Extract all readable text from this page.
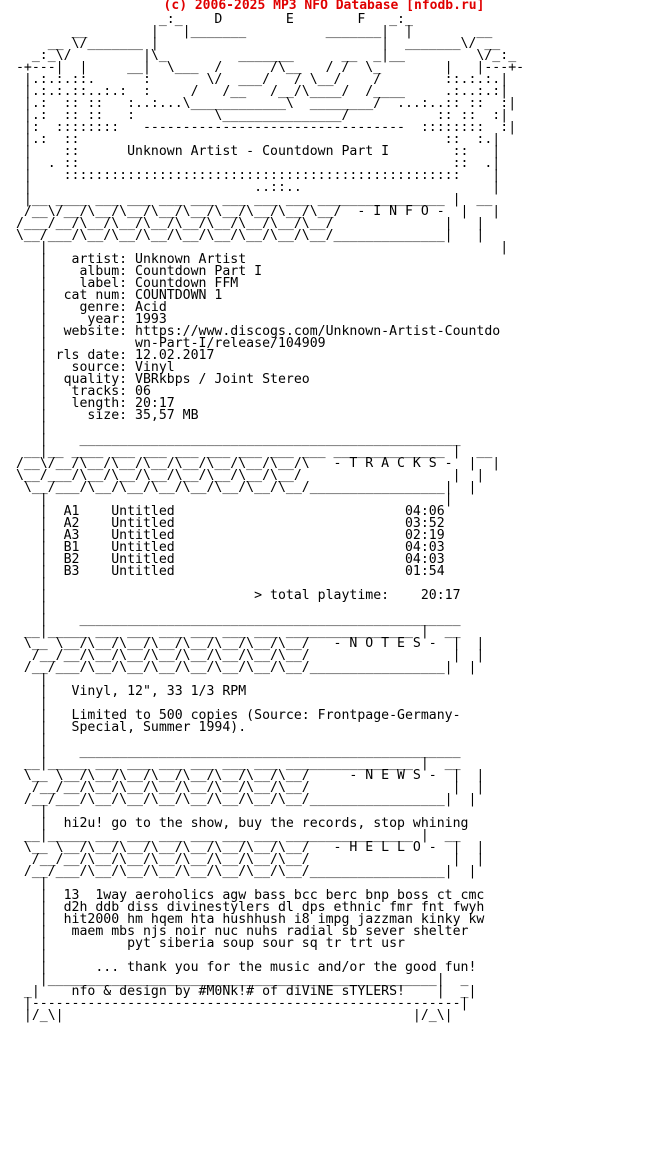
(c) 2006-2025 MP3 NFO Database [nfodb.ru]
_:_    D        E        F   _:_
__        |   |_______          _______|  |        __
__ \/_______ |                            |  _______\/ __
_:_\/         |\_         _______      __  _|__         \/_:_
-+---|  |     __|  \___  /      /\__   / /  \_        |   |---+-
|.:.:.::.      :       \/  ___/   / \__/    /        ::.:.:.|
|.:.:.::..:.:  :     /   /__   /__/\____/  /____     .:..:.:|
|.:  :: ::   :..:...\____________\  ________/  ...:..:: ::  :|
|.:  :: ::   :          \_______________/           :: ::  :|
|:  ::::::::   ---------------------------------  ::::::::  :|
|.:  ::                                              ::  :.|
|    ::      Unknown Artist - Countdown Part I        ::   |
|  . ::                                               ::  .|
|    ::::::::::::::::::::::::::::::::::::::::::::::::::    |
|                            ..::..                        |
|__ ____ ___ ___ ___ ___ ___ ___ ___ ________________ |  __
/__\/__/\__/\__/\__/\__/\__/\__/\__/\__/  - I N F O -  |   |
/___/__/\__/\__/\__/\__/\__/\__/\__/\__/              |   |
\__/___/\__/\__/\__/\__/\__/\__/\__/\__/______________|   |
|                                                         |
|   artist: Unknown Artist
|    album: Countdown Part I
|    label: Countdown FFM
|  cat num: COUNTDOWN 1
|    genre: Acid
|     year: 1993
|  website: https://www.discogs.com/Unknown-Artist-Countdo
|           wn-Part-I/release/104909
| rls date: 12.02.2017
|   source: Vinyl
|  quality: VBRkbps / Joint Stereo
|   tracks: 06
|   length: 20:17
|     size: 35,57 MB
|
|    ________________________________________________
__|__ ____ ___ ___ ___ ___ ___ ___ ___ ______________ |  __
/__\/__/\__/\__/\__/\__/\__/\__/\__/\   - T R A C K S -  |  |
\__/___/\__/\__/\__/\__/\__/\__/\__/                   |  |
\__/___/\__/\__/\__/\__/\__/\__/\__/_________________|  |
|                                                  |
|  A1    Untitled                             04:06
|  A2    Untitled                             03:52
|  A3    Untitled                             02:19
|  B1    Untitled                             04:03
|  B2    Untitled                             04:03
|  B3    Untitled                             01:54
|
|                          > total playtime:    20:17
|
|    ________________________________________________
__|_____ ___ ___ ___ ___ ___ ___ ________________ |  __
\__ \__/\__/\__/\__/\__/\__/\__/\__/   - N O T E S -  |  |
/__/__/\__/\__/\__/\__/\__/\__/\__/                  |  |
/__/___/\__/\__/\__/\__/\__/\__/\__/_________________|  |
|
|   Vinyl, 12", 33 1/3 RPM
|
|   Limited to 500 copies (Source: Frontpage-Germany-
|   Special, Summer 1994).
|
|    ________________________________________________
__|_____ ___ ___ ___ ___ ___ ___ ________________ |  __
\__ \__/\__/\__/\__/\__/\__/\__/\__/     - N E W S -  |  |
/__/__/\__/\__/\__/\__/\__/\__/\__/                  |  |
/__/___/\__/\__/\__/\__/\__/\__/\__/_________________|  |
|
|  hi2u! go to the show, buy the records, stop whining
__|_____ ___ ___ ___ ___ ___ ___ ________________ |  __
\__ \__/\__/\__/\__/\__/\__/\__/\__/   - H E L L O -  |  |
/__/__/\__/\__/\__/\__/\__/\__/\__/                  |  |
/__/___/\__/\__/\__/\__/\__/\__/\__/_________________|  |
|
|  13  1way aeroholics agw bass bcc berc bnp boss ct cmc
|  d2h ddb diss divinestylers dl dps ethnic fmr fnt fwyh
|  hit2000 hm hqem hta hushhush i8 impg jazzman kinky kw
|   maem mbs njs noir nuc nuhs radial sb sever shelter
|          pyt siberia soup sour sq tr trt usr
|
|      ... thank you for the music and/or the good fun!
|_________________________________________________|  _
_|    nfo & design by #M0Nk!# of diViNE sTYLERS!    |  _|
|------------------------------------------------------|
|/_\|                                            |/_\|
